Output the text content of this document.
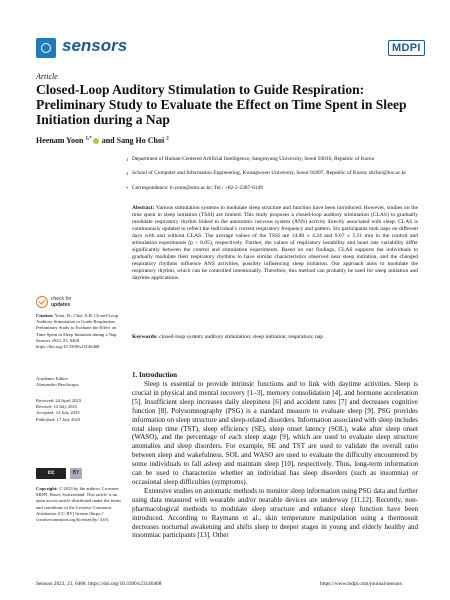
sensors	MDPI
Article
Closed-Loop Auditory Stimulation to Guide Respiration: Preliminary Study to Evaluate the Effect on Time Spent in Sleep Initiation during a Nap
Heenam Yoon $^{1,*}$ and Sang Ho Choi $^2$
1 Department of Human-Centered Artificial Intelligence, Sangmyung University, Seoul 03016, Republic of Korea
2 School of Computer and Information Engineering, Kwangwoon University, Seoul 01897, Republic of Korea; shchoi@kw.ac.kr
* Correspondence: h-yoon@smu.ac.kr; Tel.: +82-2-2287-6149
Abstract: Various stimulation systems to modulate sleep structure and function have been introduced. However, studies on the time spent in sleep initiation (TSSI) are limited. This study proposes a closed-loop auditory stimulation (CLAS) to gradually modulate respiratory rhythm linked to the autonomic nervous system (ANS) activity directly associated with sleep. CLAS is continuously updated to reflect the individual’s current respiratory frequency and pattern. Six participants took naps on different days with and without CLAS. The average values of the TSSI are 14.00 ± 4.24 and 9.67 ± 5.31 min in the control and stimulation experiments (p < 0.05), respectively. Further, the values of respiratory instability and heart rate variability differ significantly between the control and stimulation experiments. Based on our findings, CLAS supports the individuals to gradually modulate their respiratory rhythms to have similar characteristics observed near sleep initiation, and the changed respiratory rhythms influence ANS activities, possibly influencing sleep initiation. Our approach aims to modulate the respiratory rhythm, which can be controlled intentionally. Therefore, this method can probably be used for sleep initiation and daytime applications.
Keywords: closed-loop system; auditory stimulation; sleep initiation; respiration; nap
check for
updates
Citation: Yoon, H.; Choi, S.H. Closed-Loop Auditory Stimulation to Guide Respiration: Preliminary Study to Evaluate the Effect on Time Spent in Sleep Initiation during a Nap. Sensors 2023, 23, 6468. https://doi.org/10.3390/s23146468
Academic Editor:
Alessandro Bevilacqua
Received: 24 April 2023
Revised: 14 July 2023
Accepted: 14 July 2023
Published: 17 July 2023
cc	BY
Copyright: © 2023 by the authors. Licensee MDPI, Basel, Switzerland. This article is an open access article distributed under the terms and conditions of the Creative Commons Attribution (CC BY) license (https:// creativecommons.org/licenses/by/ 4.0/).
1. Introduction

Sleep is essential to provide intrinsic functions and to link with daytime activities. Sleep is crucial in physical and mental recovery [1–3], memory consolidation [4], and hormone acceleration [5]. Insufficient sleep increases daily sleepiness [6] and accident rates [7] and decreases cognitive function [8]. Polysomnography (PSG) is a standard measure to evaluate sleep [9]. PSG provides information on sleep structure and sleep-related disorders. Information associated with sleep includes total sleep time (TST), sleep efficiency (SE), sleep onset latency (SOL), wake after sleep onset (WASO), and the percentage of each sleep stage [9], which are used to evaluate sleep structure anomalies and sleep disorders. For example, SE and TST are used to validate the overall ratio between sleep and wakefulness. SOL and WASO are used to evaluate the difficulty encountered by some individuals to fall asleep and maintain sleep [10], respectively. Thus, long-term information can be used to characterize whether an individual has sleep disorders (such as insomnia) or occasional sleep difficulties (symptoms).

Extensive studies on automatic methods to monitor sleep information using PSG data and further using data measured with wearable and/or nearable devices are underway [11,12]. Recently, non-pharmacological methods to modulate sleep structure and enhance sleep function have been introduced. According to Raymann et al., skin temperature manipulation using a thermosuit decreases nocturnal awakening and shifts sleep to deeper stages in young and elderly healthy and insomniac participants [13]. Other

Sensors 2023, 23, 6468. https://doi.org/10.3390/s23146468	https://www.mdpi.com/journal/sensors
